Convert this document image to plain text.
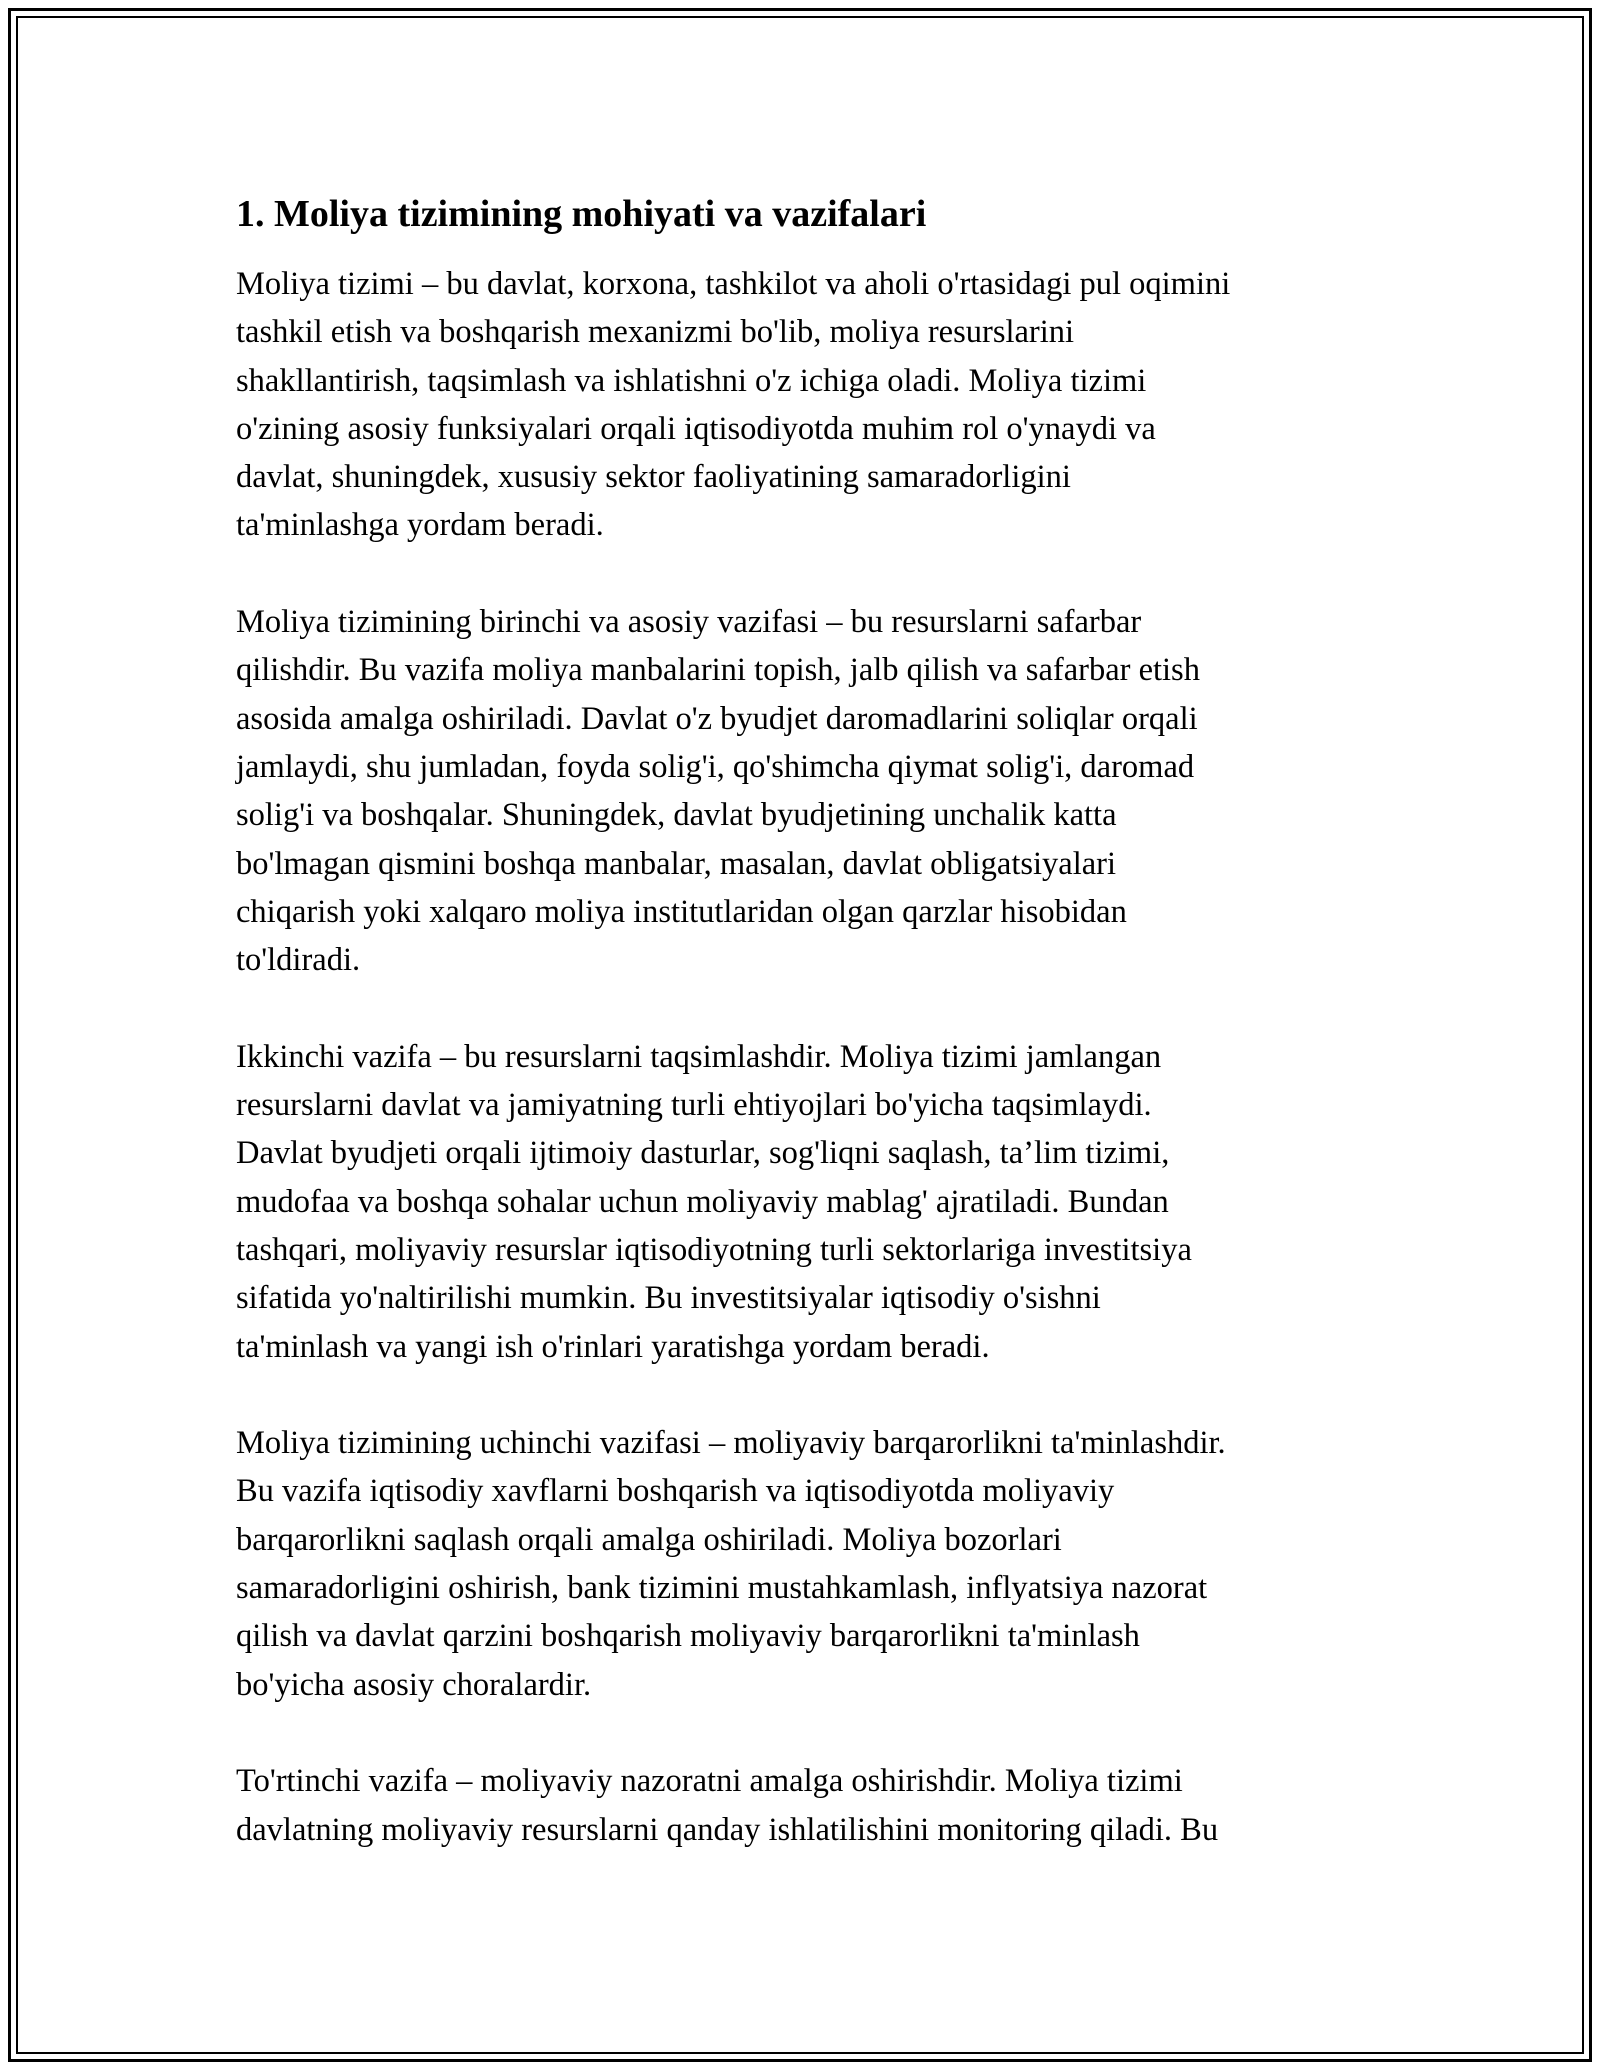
1. Moliya tizimining mohiyati va vazifalari

Moliya tizimi – bu davlat, korxona, tashkilot va aholi o'rtasidagi pul oqimini
tashkil etish va boshqarish mexanizmi bo'lib, moliya resurslarini
shakllantirish, taqsimlash va ishlatishni o'z ichiga oladi. Moliya tizimi
o'zining asosiy funksiyalari orqali iqtisodiyotda muhim rol o'ynaydi va
davlat, shuningdek, xususiy sektor faoliyatining samaradorligini
ta'minlashga yordam beradi.

Moliya tizimining birinchi va asosiy vazifasi – bu resurslarni safarbar
qilishdir. Bu vazifa moliya manbalarini topish, jalb qilish va safarbar etish
asosida amalga oshiriladi. Davlat o'z byudjet daromadlarini soliqlar orqali
jamlaydi, shu jumladan, foyda solig'i, qo'shimcha qiymat solig'i, daromad
solig'i va boshqalar. Shuningdek, davlat byudjetining unchalik katta
bo'lmagan qismini boshqa manbalar, masalan, davlat obligatsiyalari
chiqarish yoki xalqaro moliya institutlaridan olgan qarzlar hisobidan
to'ldiradi.

Ikkinchi vazifa – bu resurslarni taqsimlashdir. Moliya tizimi jamlangan
resurslarni davlat va jamiyatning turli ehtiyojlari bo'yicha taqsimlaydi.
Davlat byudjeti orqali ijtimoiy dasturlar, sog'liqni saqlash, ta’lim tizimi,
mudofaa va boshqa sohalar uchun moliyaviy mablag' ajratiladi. Bundan
tashqari, moliyaviy resurslar iqtisodiyotning turli sektorlariga investitsiya
sifatida yo'naltirilishi mumkin. Bu investitsiyalar iqtisodiy o'sishni
ta'minlash va yangi ish o'rinlari yaratishga yordam beradi.

Moliya tizimining uchinchi vazifasi – moliyaviy barqarorlikni ta'minlashdir.
Bu vazifa iqtisodiy xavflarni boshqarish va iqtisodiyotda moliyaviy
barqarorlikni saqlash orqali amalga oshiriladi. Moliya bozorlari
samaradorligini oshirish, bank tizimini mustahkamlash, inflyatsiya nazorat
qilish va davlat qarzini boshqarish moliyaviy barqarorlikni ta'minlash
bo'yicha asosiy choralardir.

To'rtinchi vazifa – moliyaviy nazoratni amalga oshirishdir. Moliya tizimi
davlatning moliyaviy resurslarni qanday ishlatilishini monitoring qiladi. Bu
